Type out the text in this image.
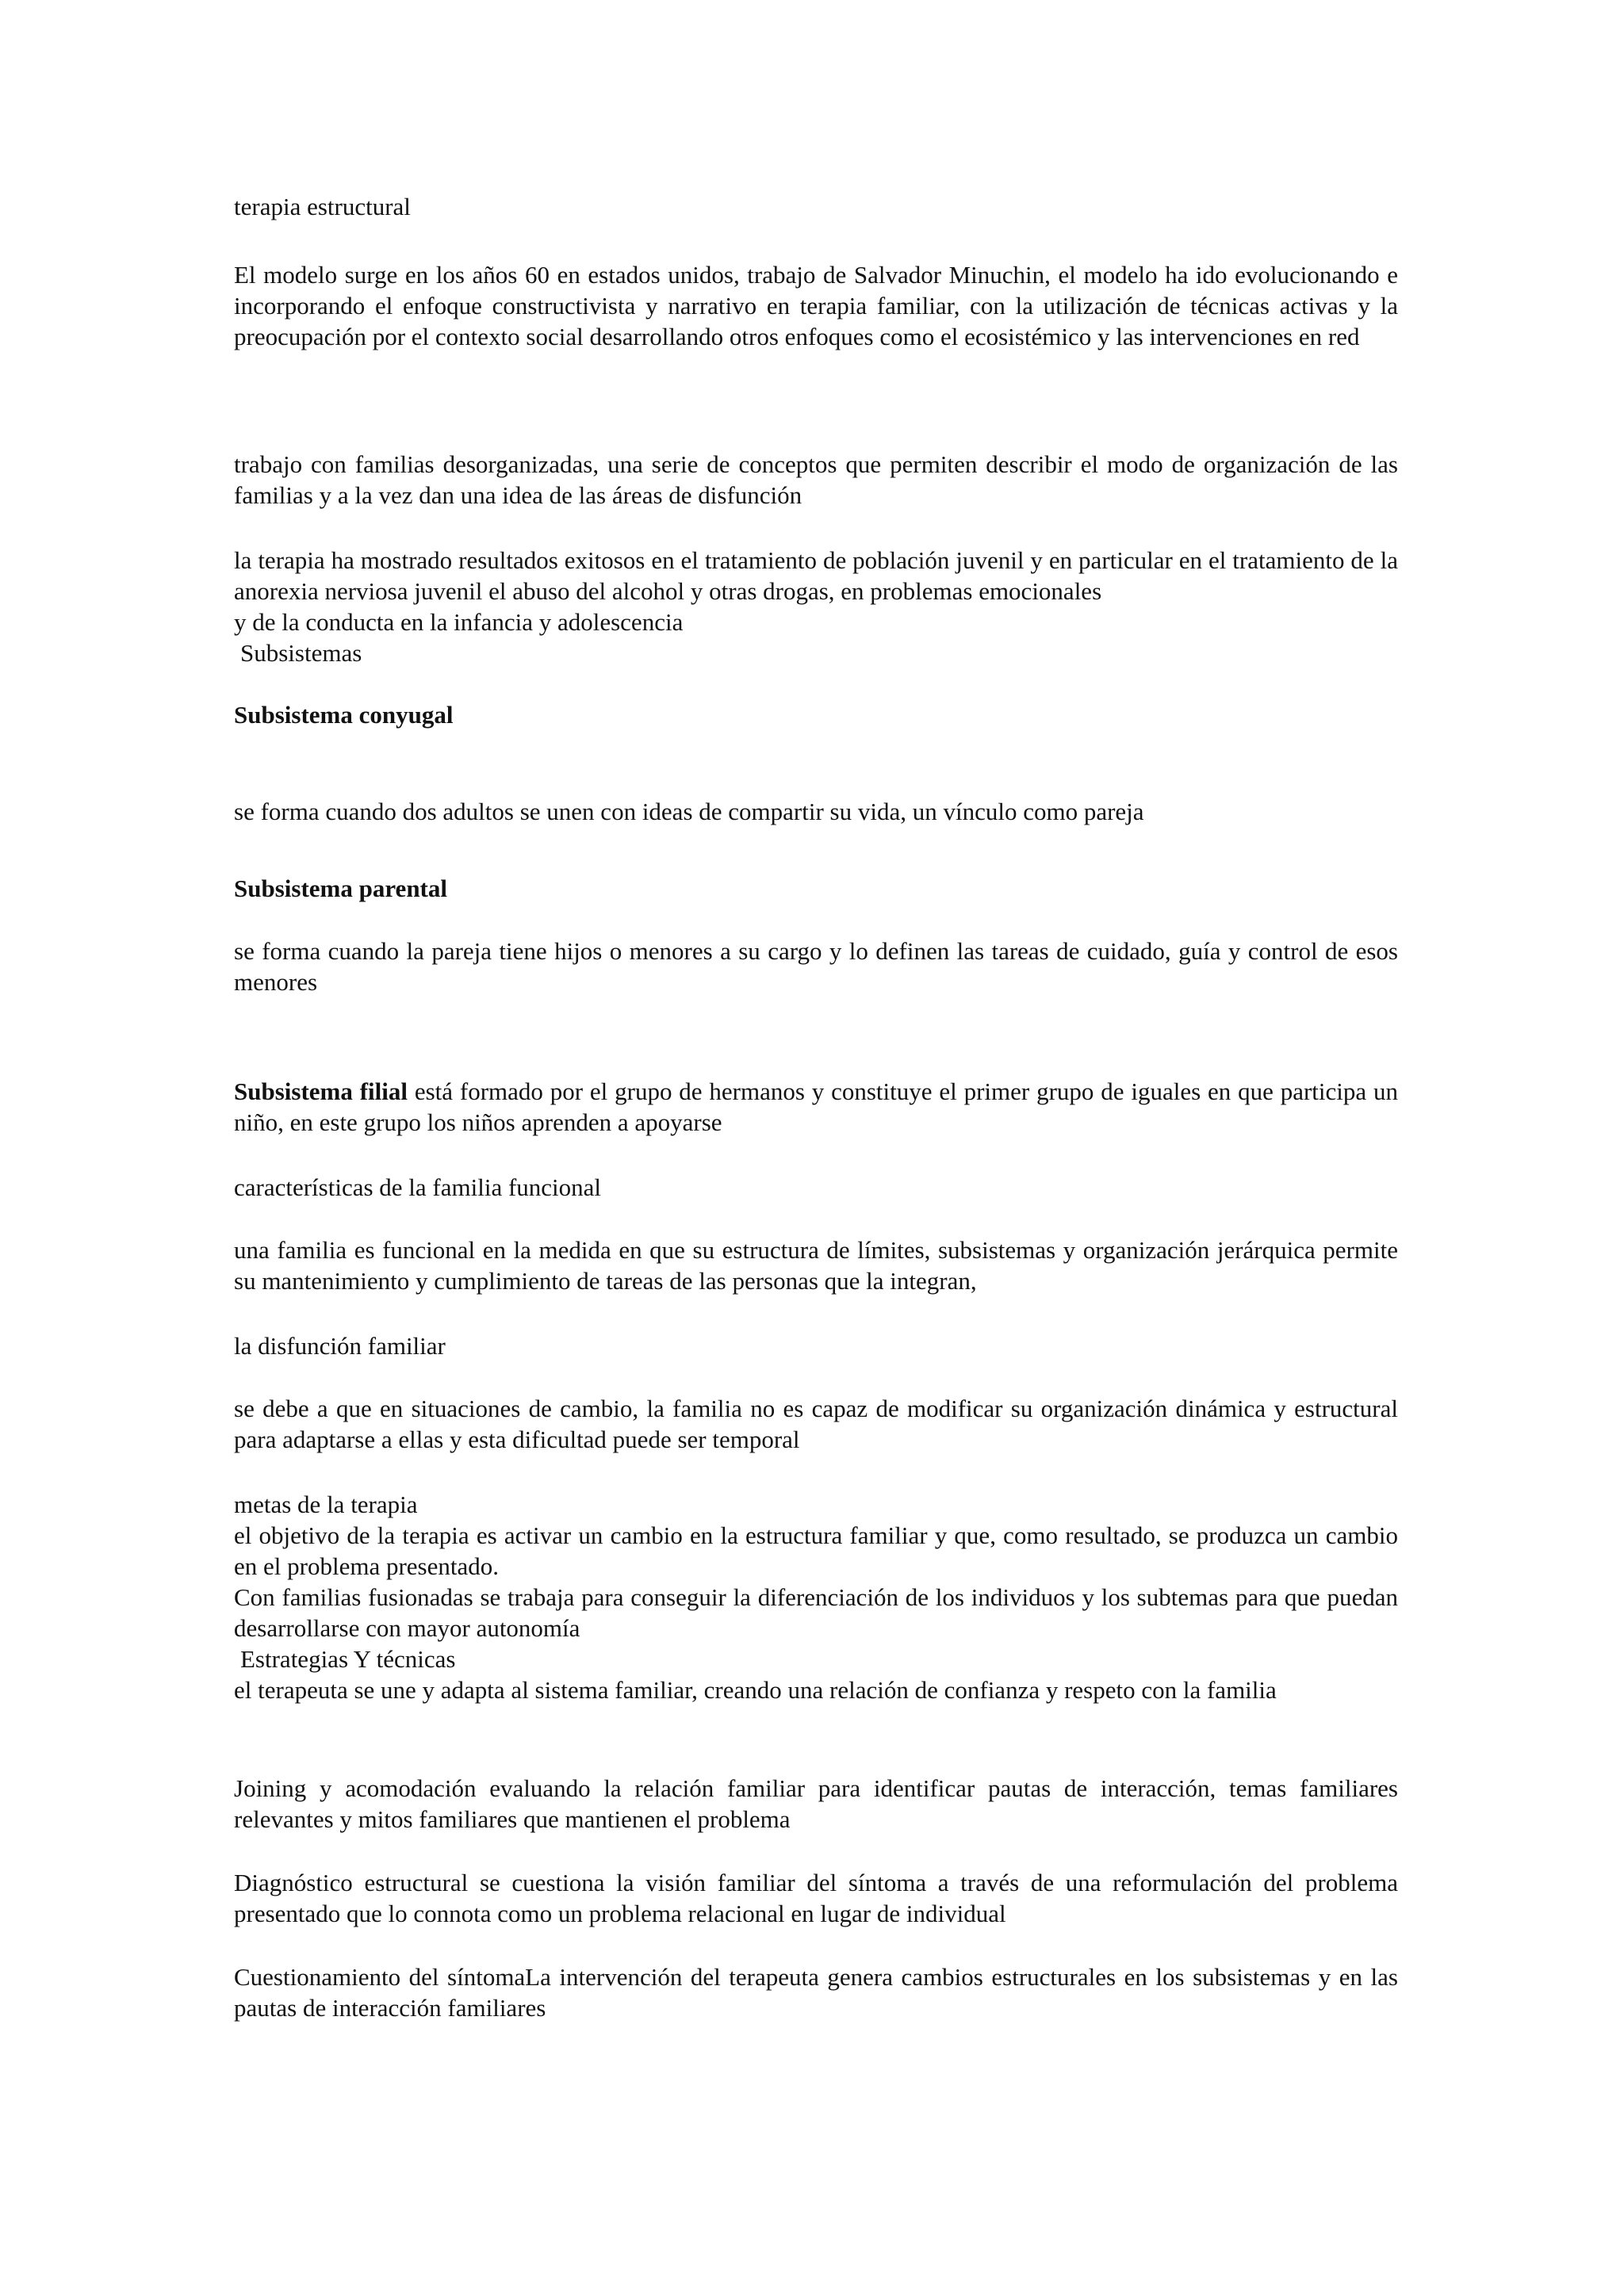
terapia estructural

El modelo surge en los años 60 en estados unidos, trabajo de Salvador Minuchin, el modelo ha ido evolucionando e incorporando el enfoque constructivista y narrativo en terapia familiar, con la utilización de técnicas activas y la preocupación por el contexto social desarrollando otros enfoques como el ecosistémico y las intervenciones en red

trabajo con familias desorganizadas, una serie de conceptos que permiten describir el modo de organización de las familias y a la vez dan una idea de las áreas de disfunción

la terapia ha mostrado resultados exitosos en el tratamiento de población juvenil y en particular en el tratamiento de la anorexia nerviosa juvenil el abuso del alcohol y otras drogas, en problemas emocionales
y de la conducta en la infancia y adolescencia
Subsistemas

Subsistema conyugal

se forma cuando dos adultos se unen con ideas de compartir su vida, un vínculo como pareja

Subsistema parental

se forma cuando la pareja tiene hijos o menores a su cargo y lo definen las tareas de cuidado, guía y control de esos menores

Subsistema filial está formado por el grupo de hermanos y constituye el primer grupo de iguales en que participa un niño, en este grupo los niños aprenden a apoyarse

características de la familia funcional

una familia es funcional en la medida en que su estructura de límites, subsistemas y organización jerárquica permite su mantenimiento y cumplimiento de tareas de las personas que la integran,

la disfunción familiar

se debe a que en situaciones de cambio, la familia no es capaz de modificar su organización dinámica y estructural para adaptarse a ellas y esta dificultad puede ser temporal

metas de la terapia
el objetivo de la terapia es activar un cambio en la estructura familiar y que, como resultado, se produzca un cambio en el problema presentado.
Con familias fusionadas se trabaja para conseguir la diferenciación de los individuos y los subtemas para que puedan desarrollarse con mayor autonomía
Estrategias Y técnicas
el terapeuta se une y adapta al sistema familiar, creando una relación de confianza y respeto con la familia

Joining y acomodación evaluando la relación familiar para identificar pautas de interacción, temas familiares relevantes y mitos familiares que mantienen el problema

Diagnóstico estructural se cuestiona la visión familiar del síntoma a través de una reformulación del problema presentado que lo connota como un problema relacional en lugar de individual

Cuestionamiento del síntomaLa intervención del terapeuta genera cambios estructurales en los subsistemas y en las pautas de interacción familiares
